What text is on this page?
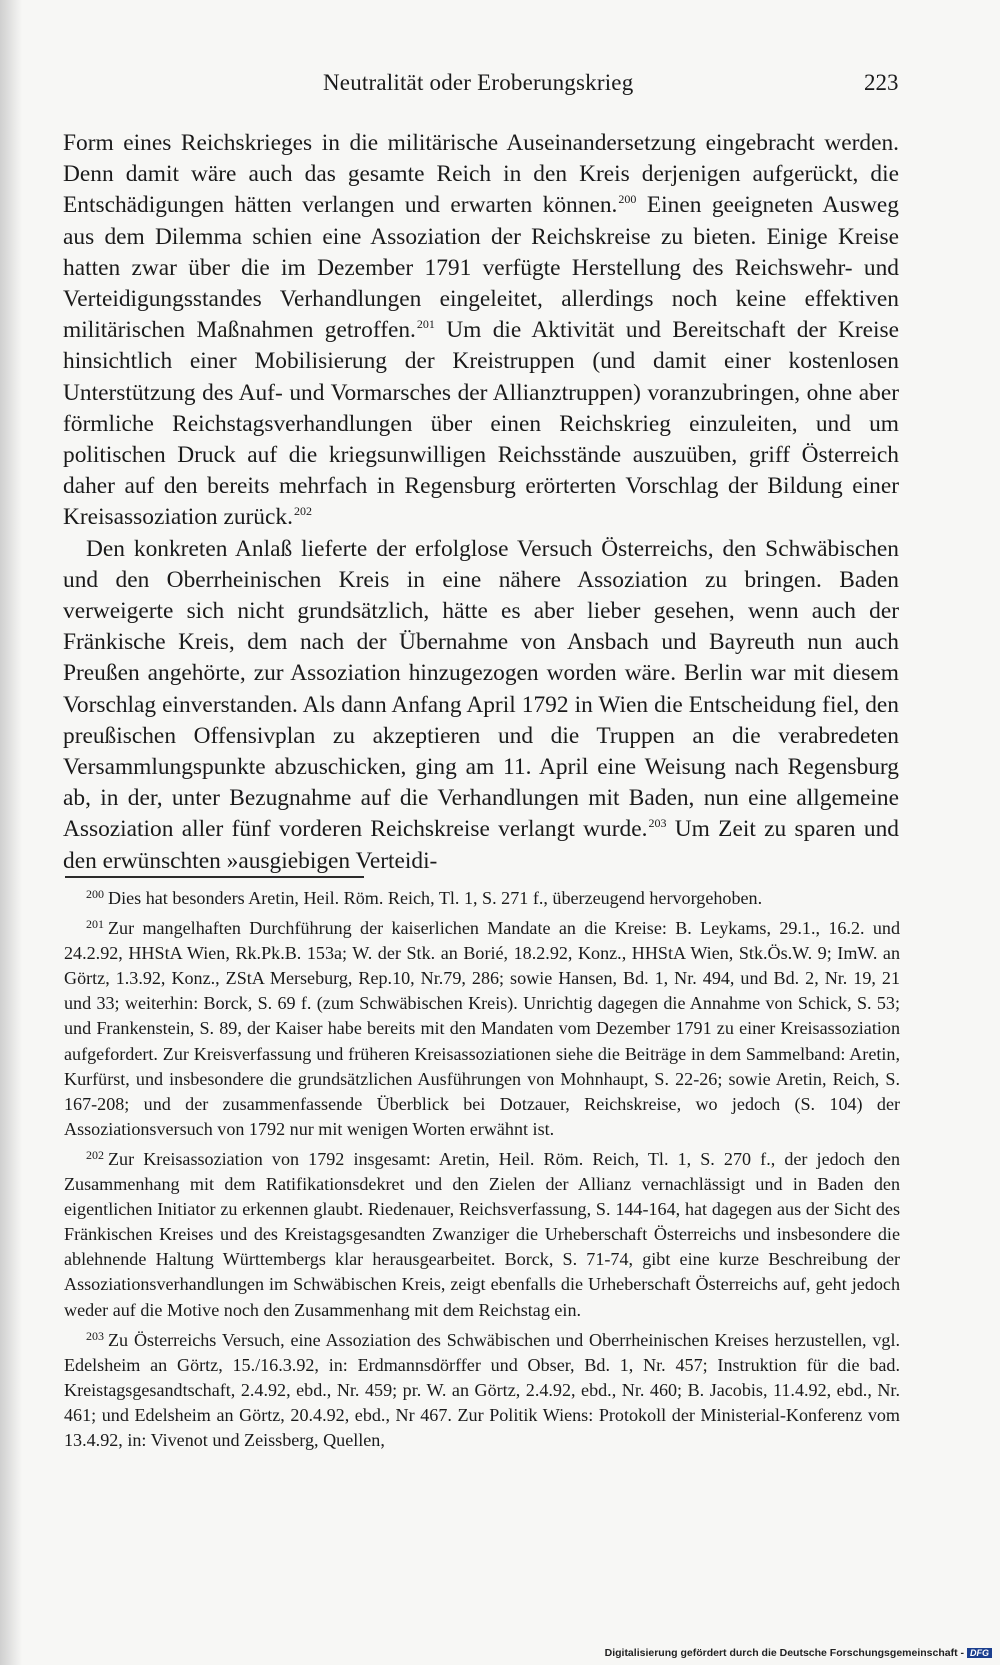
Neutralität oder Eroberungskrieg	223

Form eines Reichskrieges in die militärische Auseinandersetzung eingebracht werden. Denn damit wäre auch das gesamte Reich in den Kreis derjenigen aufgerückt, die Entschädigungen hätten verlangen und erwarten können.$^{200}$ Einen geeigneten Ausweg aus dem Dilemma schien eine Assoziation der Reichskreise zu bieten. Einige Kreise hatten zwar über die im Dezember 1791 verfügte Herstellung des Reichswehr- und Verteidigungsstandes Verhandlungen eingeleitet, allerdings noch keine effektiven militärischen Maßnahmen getroffen.$^{201}$ Um die Aktivität und Bereitschaft der Kreise hinsichtlich einer Mobilisierung der Kreistruppen (und damit einer kostenlosen Unterstützung des Auf- und Vormarsches der Allianztruppen) voranzubringen, ohne aber förmliche Reichstagsverhandlungen über einen Reichskrieg einzuleiten, und um politischen Druck auf die kriegsunwilligen Reichsstände auszuüben, griff Österreich daher auf den bereits mehrfach in Regensburg erörterten Vorschlag der Bildung einer Kreisassoziation zurück.$^{202}$

Den konkreten Anlaß lieferte der erfolglose Versuch Österreichs, den Schwäbischen und den Oberrheinischen Kreis in eine nähere Assoziation zu bringen. Baden verweigerte sich nicht grundsätzlich, hätte es aber lieber gesehen, wenn auch der Fränkische Kreis, dem nach der Übernahme von Ansbach und Bayreuth nun auch Preußen angehörte, zur Assoziation hinzugezogen worden wäre. Berlin war mit diesem Vorschlag einverstanden. Als dann Anfang April 1792 in Wien die Entscheidung fiel, den preußischen Offensivplan zu akzeptieren und die Truppen an die verabredeten Versammlungspunkte abzuschicken, ging am 11. April eine Weisung nach Regensburg ab, in der, unter Bezugnahme auf die Verhandlungen mit Baden, nun eine allgemeine Assoziation aller fünf vorderen Reichskreise verlangt wurde.$^{203}$ Um Zeit zu sparen und den erwünschten »ausgiebigen Verteidi-

$^{200}$ Dies hat besonders Aretin, Heil. Röm. Reich, Tl. 1, S. 271 f., überzeugend hervorgehoben.

$^{201}$ Zur mangelhaften Durchführung der kaiserlichen Mandate an die Kreise: B. Leykams, 29.1., 16.2. und 24.2.92, HHStA Wien, Rk.Pk.B. 153a; W. der Stk. an Borié, 18.2.92, Konz., HHStA Wien, Stk.Ös.W. 9; ImW. an Görtz, 1.3.92, Konz., ZStA Merseburg, Rep.10, Nr.79, 286; sowie Hansen, Bd. 1, Nr. 494, und Bd. 2, Nr. 19, 21 und 33; weiterhin: Borck, S. 69 f. (zum Schwäbischen Kreis). Unrichtig dagegen die Annahme von Schick, S. 53; und Frankenstein, S. 89, der Kaiser habe bereits mit den Mandaten vom Dezember 1791 zu einer Kreisassoziation aufgefordert. Zur Kreisverfassung und früheren Kreisassoziationen siehe die Beiträge in dem Sammelband: Aretin, Kurfürst, und insbesondere die grundsätzlichen Ausführungen von Mohnhaupt, S. 22-26; sowie Aretin, Reich, S. 167-208; und der zusammenfassende Überblick bei Dotzauer, Reichskreise, wo jedoch (S. 104) der Assoziationsversuch von 1792 nur mit wenigen Worten erwähnt ist.

$^{202}$ Zur Kreisassoziation von 1792 insgesamt: Aretin, Heil. Röm. Reich, Tl. 1, S. 270 f., der jedoch den Zusammenhang mit dem Ratifikationsdekret und den Zielen der Allianz vernachlässigt und in Baden den eigentlichen Initiator zu erkennen glaubt. Riedenauer, Reichsverfassung, S. 144-164, hat dagegen aus der Sicht des Fränkischen Kreises und des Kreistagsgesandten Zwanziger die Urheberschaft Österreichs und insbesondere die ablehnende Haltung Württembergs klar herausgearbeitet. Borck, S. 71-74, gibt eine kurze Beschreibung der Assoziationsverhandlungen im Schwäbischen Kreis, zeigt ebenfalls die Urheberschaft Österreichs auf, geht jedoch weder auf die Motive noch den Zusammenhang mit dem Reichstag ein.

$^{203}$ Zu Österreichs Versuch, eine Assoziation des Schwäbischen und Oberrheinischen Kreises herzustellen, vgl. Edelsheim an Görtz, 15./16.3.92, in: Erdmannsdörffer und Obser, Bd. 1, Nr. 457; Instruktion für die bad. Kreistagsgesandtschaft, 2.4.92, ebd., Nr. 459; pr. W. an Görtz, 2.4.92, ebd., Nr. 460; B. Jacobis, 11.4.92, ebd., Nr. 461; und Edelsheim an Görtz, 20.4.92, ebd., Nr 467. Zur Politik Wiens: Protokoll der Ministerial-Konferenz vom 13.4.92, in: Vivenot und Zeissberg, Quellen,

Digitalisierung gefördert durch die Deutsche Forschungsgemeinschaft - DFG
